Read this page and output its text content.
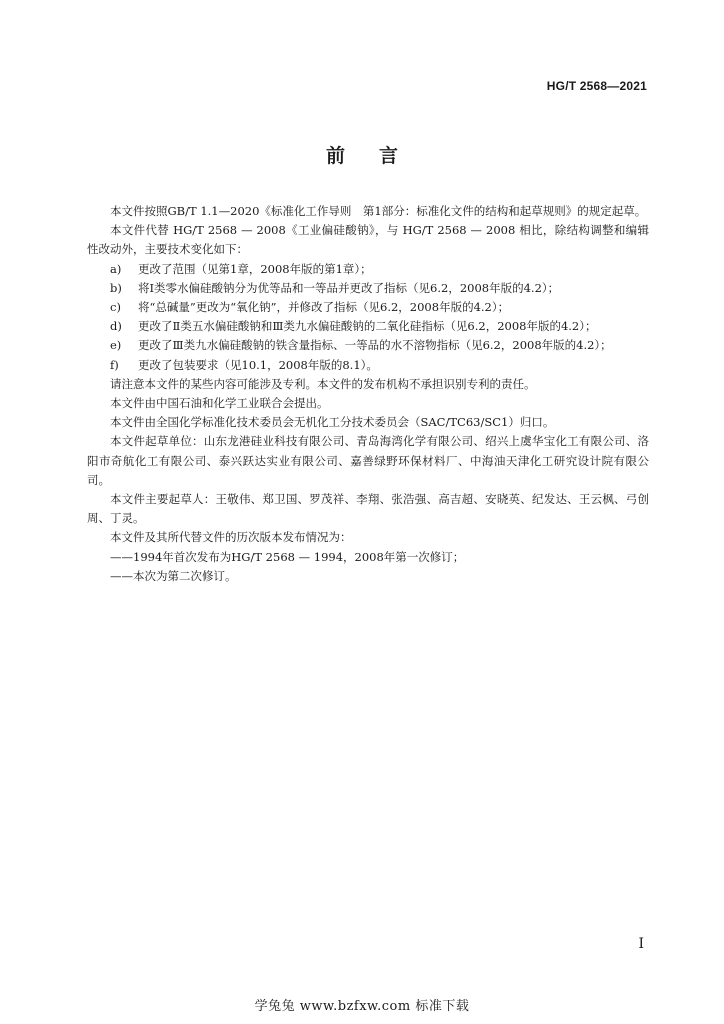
HG/T 2568—2021
前言

本文件按照GB/T 1.1—2020《标准化工作导则　第1部分：标准化文件的结构和起草规则》的规定起草。

本文件代替 HG/T 2568 — 2008《工业偏硅酸钠》，与 HG/T 2568 — 2008 相比，除结构调整和编辑性改动外，主要技术变化如下：

a)	更改了范围（见第1章，2008年版的第1章）；
b)	将Ⅰ类零水偏硅酸钠分为优等品和一等品并更改了指标（见6.2，2008年版的4.2）；
c)	将“总碱量”更改为“氧化钠”，并修改了指标（见6.2，2008年版的4.2）；
d)	更改了Ⅱ类五水偏硅酸钠和Ⅲ类九水偏硅酸钠的二氧化硅指标（见6.2，2008年版的4.2）；
e)	更改了Ⅲ类九水偏硅酸钠的铁含量指标、一等品的水不溶物指标（见6.2，2008年版的4.2）；
f)	更改了包装要求（见10.1，2008年版的8.1）。

请注意本文件的某些内容可能涉及专利。本文件的发布机构不承担识别专利的责任。

本文件由中国石油和化学工业联合会提出。

本文件由全国化学标准化技术委员会无机化工分技术委员会（SAC/TC63/SC1）归口。

本文件起草单位：山东龙港硅业科技有限公司、青岛海湾化学有限公司、绍兴上虞华宝化工有限公司、洛阳市奇航化工有限公司、泰兴跃达实业有限公司、嘉善绿野环保材料厂、中海油天津化工研究设计院有限公司。

本文件主要起草人：王敬伟、郑卫国、罗茂祥、李翔、张浩强、高吉超、安晓英、纪发达、王云枫、弓创周、丁灵。

本文件及其所代替文件的历次版本发布情况为：

——1994年首次发布为HG/T 2568 — 1994，2008年第一次修订；

——本次为第二次修订。

I
学兔兔 www.bzfxw.com 标准下载
